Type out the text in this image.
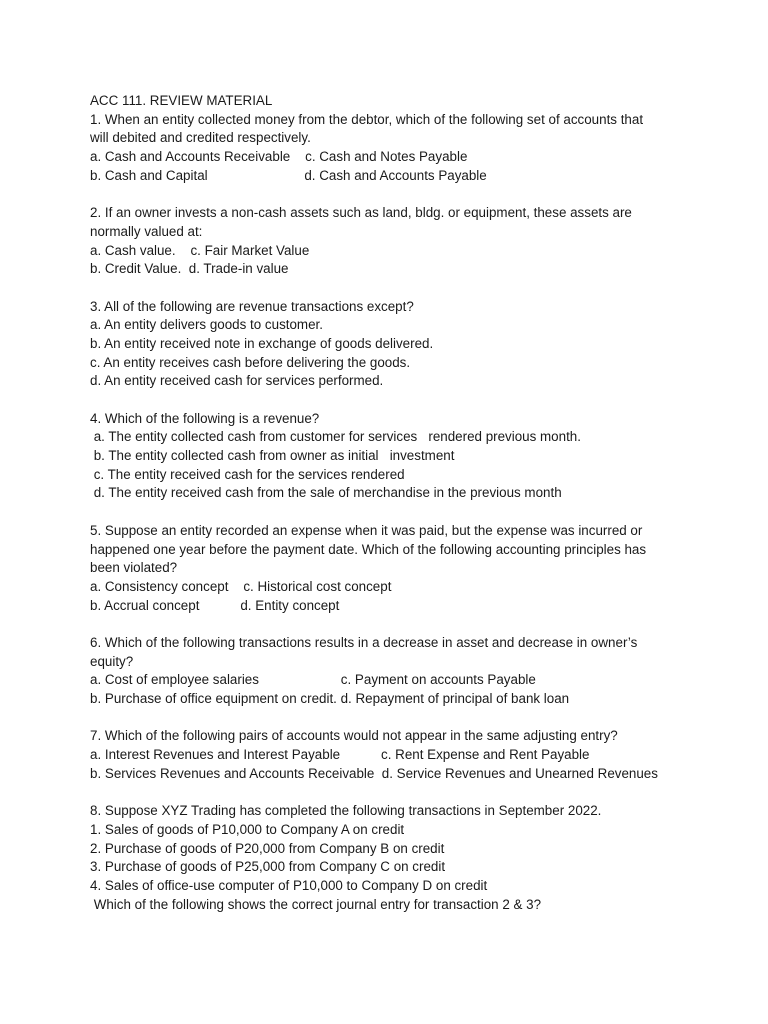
ACC 111. REVIEW MATERIAL
1. When an entity collected money from the debtor, which of the following set of accounts that
will debited and credited respectively.
a. Cash and Accounts Receivable    c. Cash and Notes Payable
b. Cash and Capital                          d. Cash and Accounts Payable
2. If an owner invests a non-cash assets such as land, bldg. or equipment, these assets are
normally valued at:
a. Cash value.    c. Fair Market Value
b. Credit Value.  d. Trade-in value
3. All of the following are revenue transactions except?
a. An entity delivers goods to customer.
b. An entity received note in exchange of goods delivered.
c. An entity receives cash before delivering the goods.
d. An entity received cash for services performed.
4. Which of the following is a revenue?
a. The entity collected cash from customer for services   rendered previous month.
b. The entity collected cash from owner as initial   investment
c. The entity received cash for the services rendered
d. The entity received cash from the sale of merchandise in the previous month
5. Suppose an entity recorded an expense when it was paid, but the expense was incurred or
happened one year before the payment date. Which of the following accounting principles has
been violated?
a. Consistency concept    c. Historical cost concept
b. Accrual concept           d. Entity concept
6. Which of the following transactions results in a decrease in asset and decrease in owner’s
equity?
a. Cost of employee salaries                      c. Payment on accounts Payable
b. Purchase of office equipment on credit. d. Repayment of principal of bank loan
7. Which of the following pairs of accounts would not appear in the same adjusting entry?
a. Interest Revenues and Interest Payable           c. Rent Expense and Rent Payable
b. Services Revenues and Accounts Receivable  d. Service Revenues and Unearned Revenues
8. Suppose XYZ Trading has completed the following transactions in September 2022.
1. Sales of goods of P10,000 to Company A on credit
2. Purchase of goods of P20,000 from Company B on credit
3. Purchase of goods of P25,000 from Company C on credit
4. Sales of office-use computer of P10,000 to Company D on credit
Which of the following shows the correct journal entry for transaction 2 & 3?
